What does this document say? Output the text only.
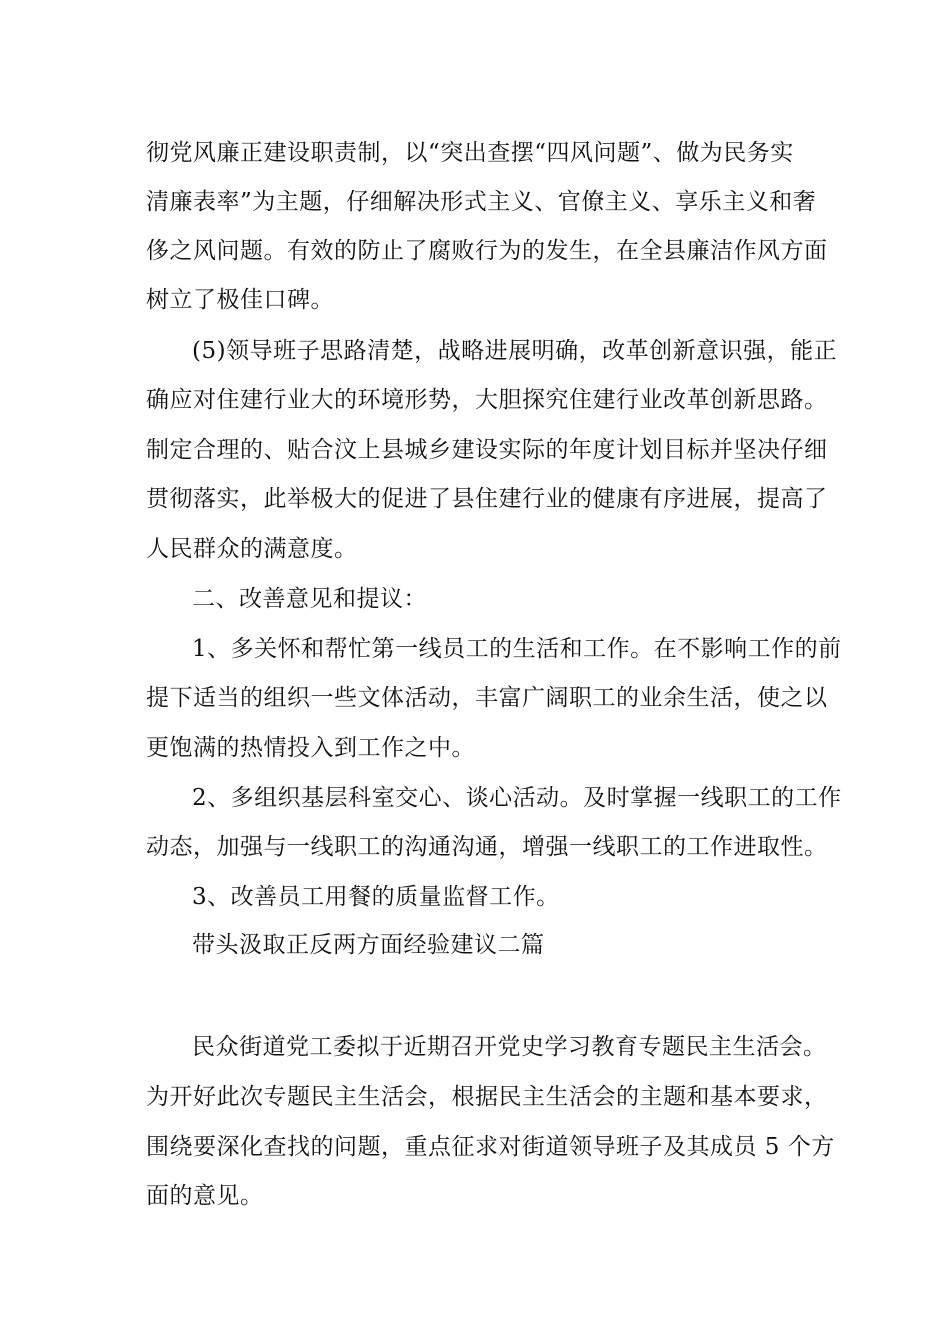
彻党风廉正建设职责制，以“突出查摆“四风问题”、做为民务实
清廉表率”为主题，仔细解决形式主义、官僚主义、享乐主义和奢
侈之风问题。有效的防止了腐败行为的发生，在全县廉洁作风方面
树立了极佳口碑。
(5)领导班子思路清楚，战略进展明确，改革创新意识强，能正
确应对住建行业大的环境形势，大胆探究住建行业改革创新思路。
制定合理的、贴合汶上县城乡建设实际的年度计划目标并坚决仔细
贯彻落实，此举极大的促进了县住建行业的健康有序进展，提高了
人民群众的满意度。
二、改善意见和提议：
1、多关怀和帮忙第一线员工的生活和工作。在不影响工作的前
提下适当的组织一些文体活动，丰富广阔职工的业余生活，使之以
更饱满的热情投入到工作之中。
2、多组织基层科室交心、谈心活动。及时掌握一线职工的工作
动态，加强与一线职工的沟通沟通，增强一线职工的工作进取性。
3、改善员工用餐的质量监督工作。
带头汲取正反两方面经验建议二篇
民众街道党工委拟于近期召开党史学习教育专题民主生活会。
为开好此次专题民主生活会，根据民主生活会的主题和基本要求，
围绕要深化查找的问题，重点征求对街道领导班子及其成员 5 个方
面的意见。
